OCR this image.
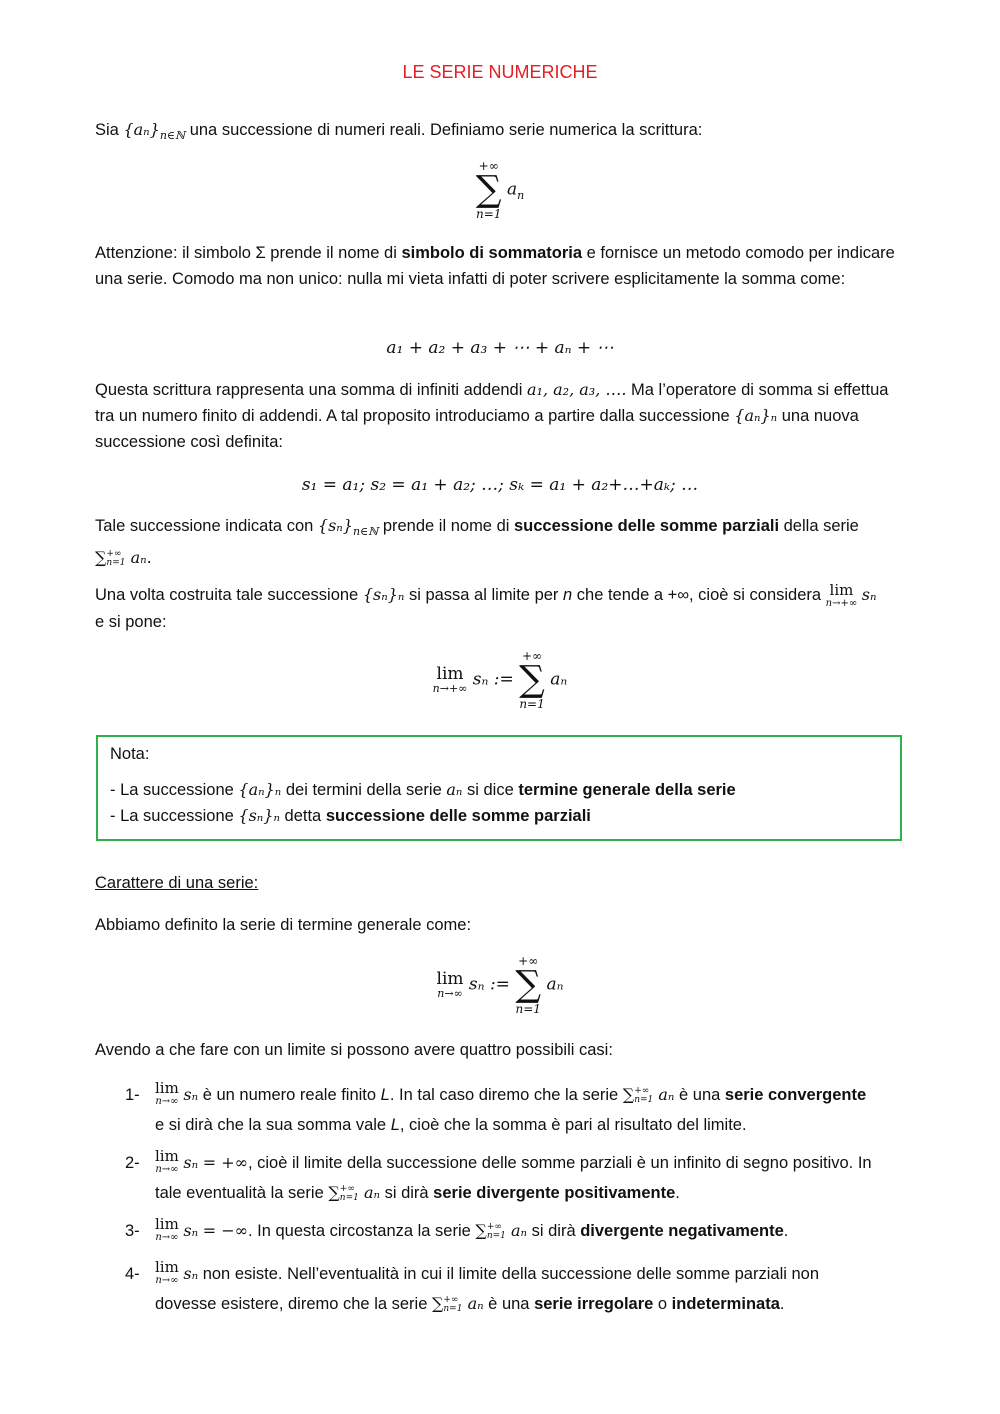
LE SERIE NUMERICHE

Sia $\{a_n\}_{n\in ℕ}$ una successione di numeri reali. Definiamo serie numerica la scrittura:

+∞
∑
n=1
$a_n$

Attenzione: il simbolo Σ prende il nome di simbolo di sommatoria e fornisce un metodo comodo per indicare una serie. Comodo ma non unico: nulla mi vieta infatti di poter scrivere esplicitamente la somma come:

a₁ + a₂ + a₃ + ⋯ + aₙ + ⋯

Questa scrittura rappresenta una somma di infiniti addendi a₁, a₂, a₃, …. Ma l’operatore di somma si effettua tra un numero finito di addendi. A tal proposito introduciamo a partire dalla successione {aₙ}ₙ una nuova successione così definita:

s₁ = a₁; s₂ = a₁ + a₂; …; sₖ = a₁ + a₂+…+aₖ; …

Tale successione indicata con $\{s_n\}_{n\in ℕ}$ prende il nome di successione delle somme parziali della serie
∑ +∞
n=1 aₙ.

Una volta costruita tale successione {sₙ}ₙ si passa al limite per n che tende a +∞, cioè si considera lim
n→+∞ sₙ
e si pone:

lim
n→+∞ sₙ :=
+∞
∑
n=1
aₙ
Nota:
- La successione {aₙ}ₙ dei termini della serie aₙ si dice termine generale della serie
- La successione {sₙ}ₙ detta successione delle somme parziali

Carattere di una serie:

Abbiamo definito la serie di termine generale come:

lim
n→∞ sₙ :=
+∞
∑
n=1
aₙ

Avendo a che fare con un limite si possono avere quattro possibili casi:

1- lim
n→∞ sₙ è un numero reale finito L. In tal caso diremo che la serie ∑ +∞
n=1 aₙ è una serie convergente
e si dirà che la sua somma vale L, cioè che la somma è pari al risultato del limite.
2- lim
n→∞ sₙ = +∞, cioè il limite della successione delle somme parziali è un infinito di segno positivo. In
tale eventualità la serie ∑ +∞
n=1 aₙ si dirà serie divergente positivamente.
3- lim
n→∞ sₙ = −∞. In questa circostanza la serie ∑ +∞
n=1 aₙ si dirà divergente negativamente.
4- lim
n→∞ sₙ non esiste. Nell’eventualità in cui il limite della successione delle somme parziali non
dovesse esistere, diremo che la serie ∑ +∞
n=1 aₙ è una serie irregolare o indeterminata.
